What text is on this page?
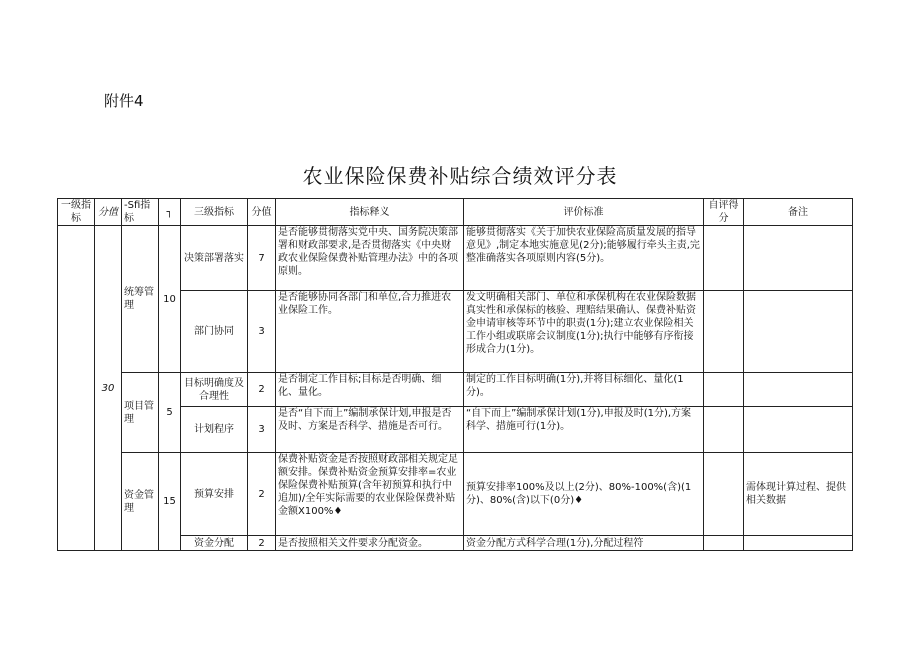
附件4
农业保险保费补贴综合绩效评分表
一级指标	分值	-Sfi指标	┐	三级指标	分值	指标释义	评价标准	自评得分	备注
	30	统筹管理	10	决策部署落实	7	是否能够贯彻落实党中央、国务院决策部署和财政部要求,是否贯彻落实《中央财政农业保险保费补贴管理办法》中的各项原则。	能够贯彻落实《关于加快农业保险高质量发展的指导意见》,制定本地实施意见(2分);能够履行牵头主责,完整准确落实各项原则内容(5分)。		
				部门协同	3	是否能够协同各部门和单位,合力推进农业保险工作。	发文明确相关部门、单位和承保机构在农业保险数据真实性和承保标的核验、理赔结果确认、保费补贴资金申请审核等环节中的职责(1分);建立农业保险相关工作小组或联席会议制度(1分);执行中能够有序衔接形成合力(1分)。		
		项目管理	5	目标明确度及合理性	2	是否制定工作目标;目标是否明确、细化、量化。	制定的工作目标明确(1分),并将目标细化、量化(1分)。		
				计划程序	3	是否“自下而上”编制承保计划,申报是否及时、方案是否科学、措施是否可行。	“自下而上”编制承保计划(1分),申报及时(1分),方案科学、措施可行(1分)。		
		资金管理	15	预算安排	2	保费补贴资金是否按照财政部相关规定足额安排。保费补贴资金预算安排率=农业保险保费补贴预算(含年初预算和执行中追加)/全年实际需要的农业保险保费补贴金额X100%♦	预算安排率100%及以上(2分)、80%-100%(含)(1分)、80%(含)以下(0分)♦		需体现计算过程、提供相关数据
				资金分配	2	是否按照相关文件要求分配资金。	资金分配方式科学合理(1分),分配过程符		
